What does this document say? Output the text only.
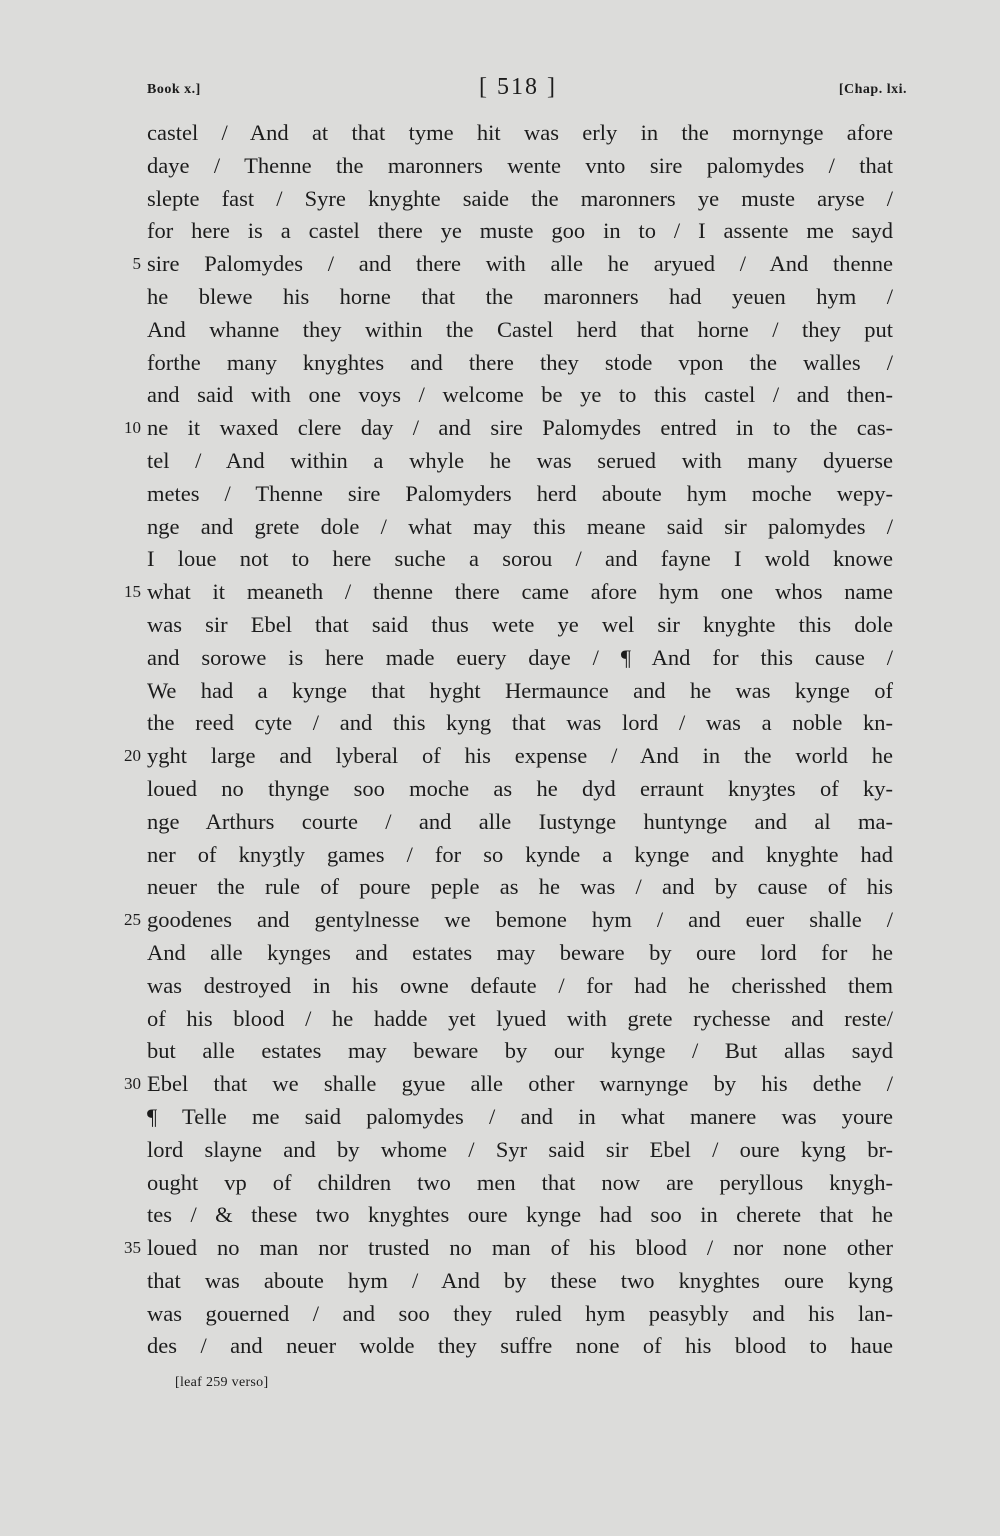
Book x.]	[ 518 ]	[Chap. lxi.
castel / And at that tyme hit was erly in the mornynge afore
daye / Thenne the maronners wente vnto sire palomydes / that
slepte fast / Syre knyghte saide the maronners ye muste aryse /
for here is a castel there ye muste goo in to / I assente me sayd
5 sire Palomydes / and there with alle he aryued / And thenne
he blewe his horne that the maronners had yeuen hym /
And whanne they within the Castel herd that horne / they put
forthe many knyghtes and there they stode vpon the walles /
and said with one voys / welcome be ye to this castel / and then-
10 ne it waxed clere day / and sire Palomydes entred in to the cas-
tel / And within a whyle he was serued with many dyuerse
metes / Thenne sire Palomyders herd aboute hym moche wepy-
nge and grete dole / what may this meane said sir palomydes /
I loue not to here suche a sorou / and fayne I wold knowe
15 what it meaneth / thenne there came afore hym one whos name
was sir Ebel that said thus wete ye wel sir knyghte this dole
and sorowe is here made euery daye / ¶ And for this cause /
We had a kynge that hyght Hermaunce and he was kynge of
the reed cyte / and this kyng that was lord / was a noble kn-
20 yght large and lyberal of his expense / And in the world he
loued no thynge soo moche as he dyd erraunt knyȝtes of ky-
nge Arthurs courte / and alle Iustynge huntynge and al ma-
ner of knyȝtly games / for so kynde a kynge and knyghte had
neuer the rule of poure peple as he was / and by cause of his
25 goodenes and gentylnesse we bemone hym / and euer shalle /
And alle kynges and estates may beware by oure lord for he
was destroyed in his owne defaute / for had he cherisshed them
of his blood / he hadde yet lyued with grete rychesse and reste/
but alle estates may beware by our kynge / But allas sayd
30 Ebel that we shalle gyue alle other warnynge by his dethe /
¶ Telle me said palomydes / and in what manere was youre
lord slayne and by whome / Syr said sir Ebel / oure kyng br-
ought vp of children two men that now are peryllous knygh-
tes / & these two knyghtes oure kynge had soo in cherete that he
35 loued no man nor trusted no man of his blood / nor none other
that was aboute hym / And by these two knyghtes oure kyng
was gouerned / and soo they ruled hym peasybly and his lan-
des / and neuer wolde they suffre none of his blood to haue
[leaf 259 verso]
